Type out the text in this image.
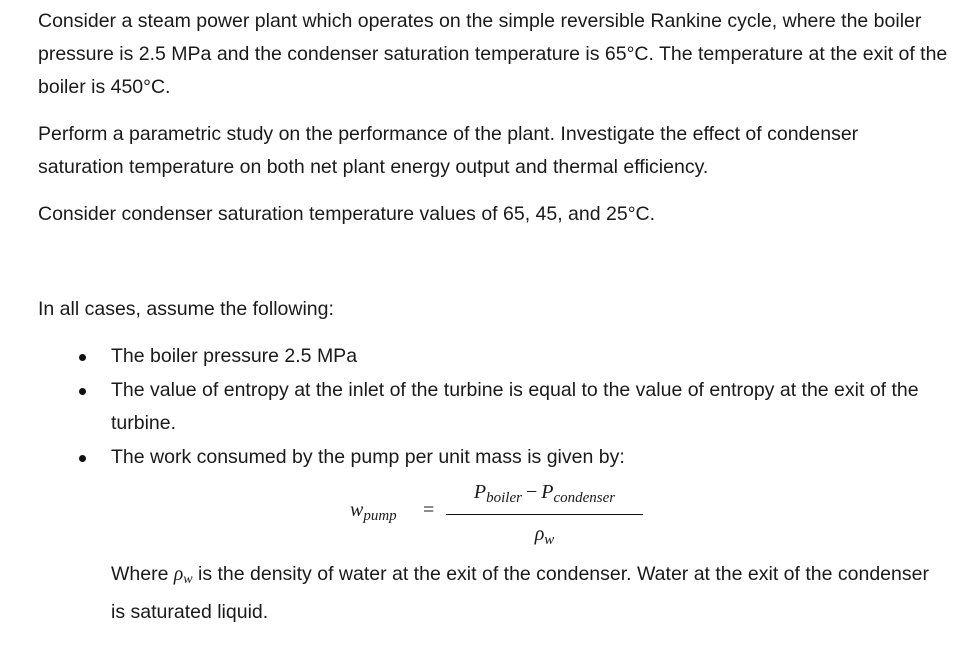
Consider a steam power plant which operates on the simple reversible Rankine cycle, where the boiler pressure is 2.5 MPa and the condenser saturation temperature is 65°C. The temperature at the exit of the boiler is 450°C.

Perform a parametric study on the performance of the plant. Investigate the effect of condenser saturation temperature on both net plant energy output and thermal efficiency.

Consider condenser saturation temperature values of 65, 45, and 25°C.

In all cases, assume the following:

The boiler pressure 2.5 MPa
The value of entropy at the inlet of the turbine is equal to the value of entropy at the exit of the turbine.
The work consumed by the pump per unit mass is given by:
$w_{pump}$ =
$P_{boiler} - P_{condenser}$
$\rho_w$

Where $\rho_w$ is the density of water at the exit of the condenser. Water at the exit of the condenser is saturated liquid.
